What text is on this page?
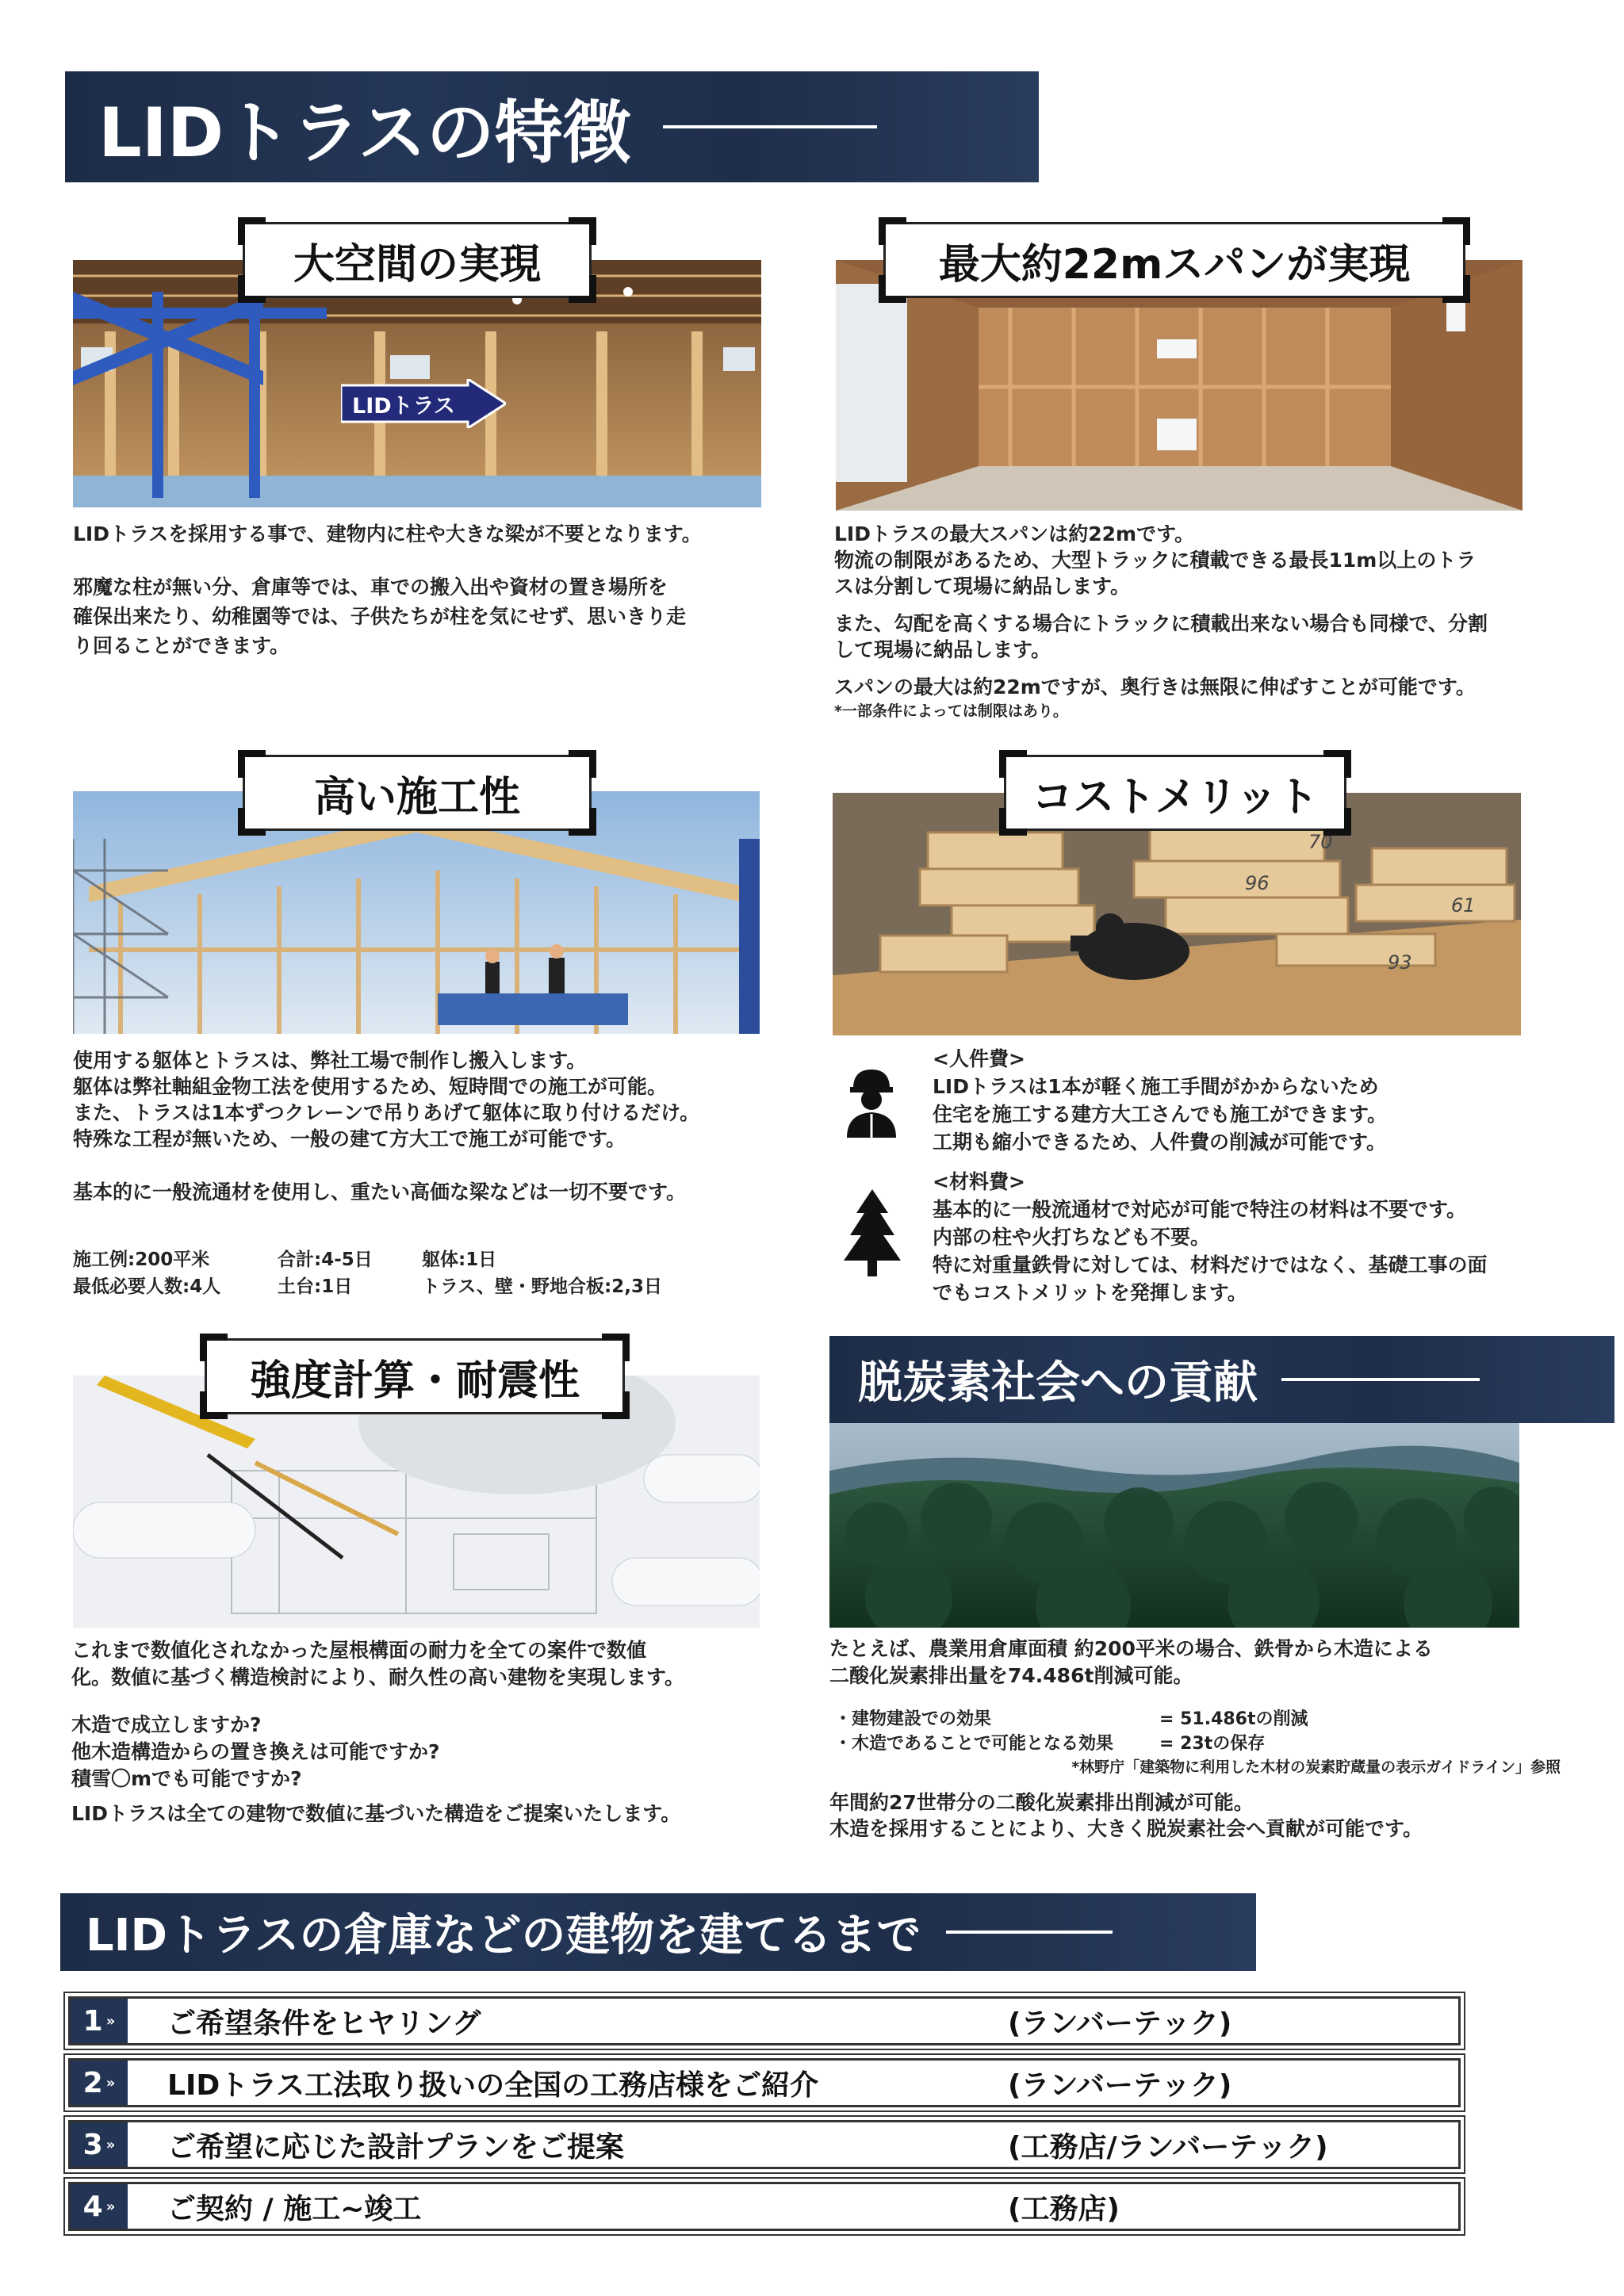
LIDトラスの特徴
大空間の実現
LIDトラス
LIDトラスを採用する事で、建物内に柱や大きな梁が不要となります。
邪魔な柱が無い分、倉庫等では、車での搬入出や資材の置き場所を
確保出来たり、幼稚園等では、子供たちが柱を気にせず、思いきり走
り回ることができます。
最大約22mスパンが実現
LIDトラスの最大スパンは約22mです。
物流の制限があるため、大型トラックに積載できる最長11m以上のトラ
スは分割して現場に納品します。
また、勾配を高くする場合にトラックに積載出来ない場合も同様で、分割
して現場に納品します。
スパンの最大は約22mですが、奥行きは無限に伸ばすことが可能です。
*一部条件によっては制限はあり。
高い施工性
使用する躯体とトラスは、弊社工場で制作し搬入します。
躯体は弊社軸組金物工法を使用するため、短時間での施工が可能。
また、トラスは1本ずつクレーンで吊りあげて躯体に取り付けるだけ。
特殊な工程が無いため、一般の建て方大工で施工が可能です。
基本的に一般流通材を使用し、重たい高価な梁などは一切不要です。
施工例:200平米	合計:4-5日	躯体:1日
最低必要人数:4人	土台:1日	トラス、壁・野地合板:2,3日
70
96
61
93
コストメリット
<人件費>
LIDトラスは1本が軽く施工手間がかからないため
住宅を施工する建方大工さんでも施工ができます。
工期も縮小できるため、人件費の削減が可能です。
<材料費>
基本的に一般流通材で対応が可能で特注の材料は不要です。
内部の柱や火打ちなども不要。
特に対重量鉄骨に対しては、材料だけではなく、基礎工事の面
でもコストメリットを発揮します。
強度計算・耐震性
これまで数値化されなかった屋根構面の耐力を全ての案件で数値
化。数値に基づく構造検討により、耐久性の高い建物を実現します。
木造で成立しますか?
他木造構造からの置き換えは可能ですか?
積雪〇mでも可能ですか?
LIDトラスは全ての建物で数値に基づいた構造をご提案いたします。
脱炭素社会への貢献
たとえば、農業用倉庫面積 約200平米の場合、鉄骨から木造による
二酸化炭素排出量を74.486t削減可能。
・建物建設での効果	= 51.486tの削減
・木造であることで可能となる効果	= 23tの保存
*林野庁「建築物に利用した木材の炭素貯蔵量の表示ガイドライン」参照
年間約27世帯分の二酸化炭素排出削減が可能。
木造を採用することにより、大きく脱炭素社会へ貢献が可能です。
LIDトラスの倉庫などの建物を建てるまで
1 » ご希望条件をヒヤリング	(ランバーテック)
2 » LIDトラス工法取り扱いの全国の工務店様をご紹介	(ランバーテック)
3 » ご希望に応じた設計プランをご提案	(工務店/ランバーテック)
4 » ご契約 / 施工~竣工	(工務店)
